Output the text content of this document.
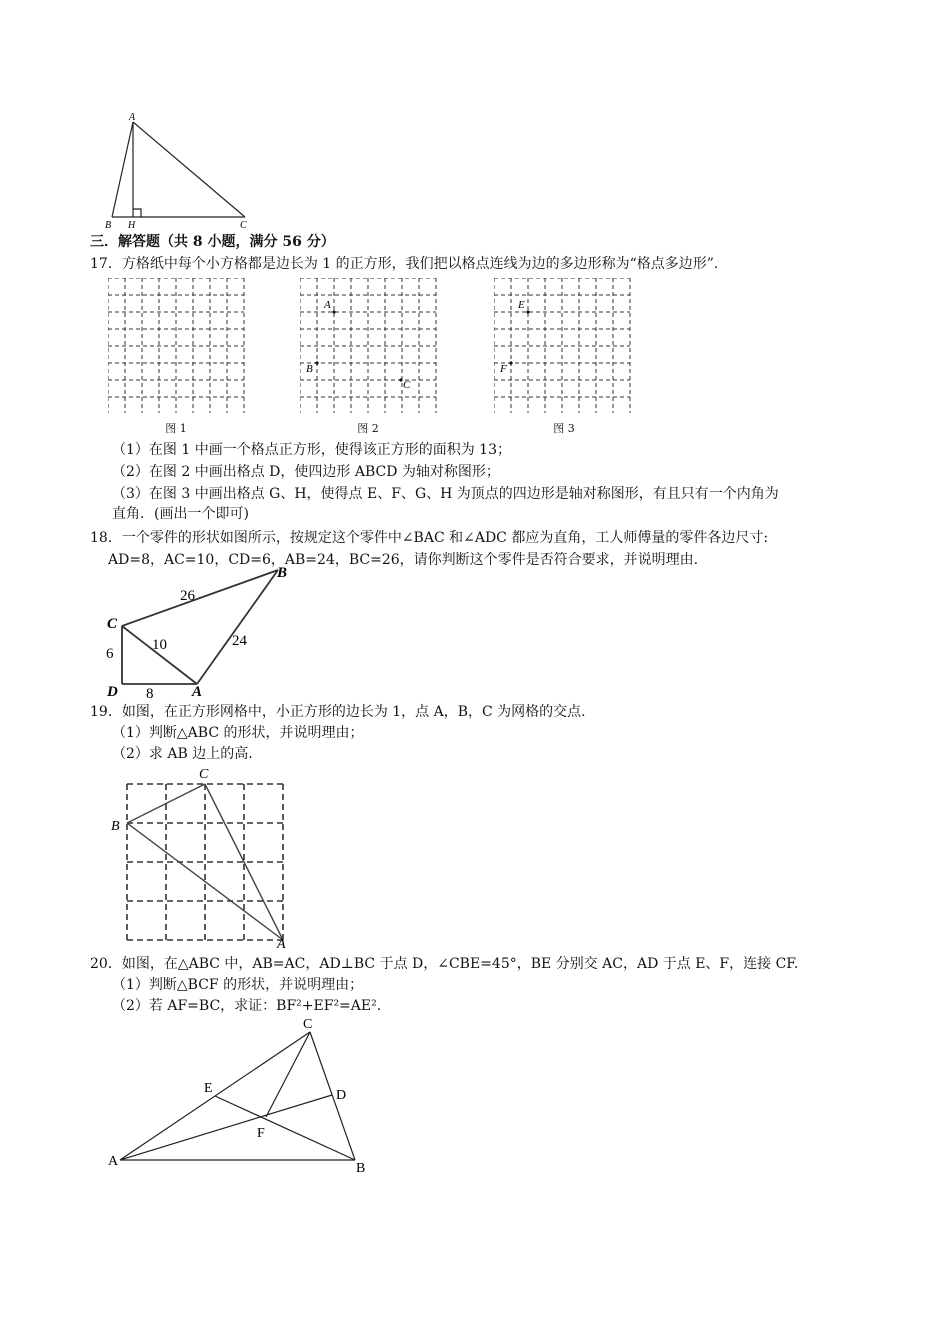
A
B H	C
三．解答题（共 8 小题，满分 56 分）
17．方格纸中每个小方格都是边长为 1 的正方形，我们把以格点连线为边的多边形称为“格点多边形”.
A
B
C
E
F
图 1	图 2	图 3
（1）在图 1 中画一个格点正方形，使得该正方形的面积为 13；
（2）在图 2 中画出格点 D，使四边形 ABCD 为轴对称图形；
（3）在图 3 中画出格点 G、H，使得点 E、F、G、H 为顶点的四边形是轴对称图形，有且只有一个内角为
直角．(画出一个即可)
18．一个零件的形状如图所示，按规定这个零件中∠BAC 和∠ADC 都应为直角，工人师傅量的零件各边尺寸:
AD=8，AC=10，CD=6，AB=24，BC=26，请你判断这个零件是否符合要求，并说明理由.
B
C
D	A
26
10	24
6
8
19．如图，在正方形网格中，小正方形的边长为 1，点 A，B，C 为网格的交点.
（1）判断△ABC 的形状，并说明理由；
（2）求 AB 边上的高.
C
B
A
20．如图，在△ABC 中，AB=AC，AD⊥BC 于点 D，∠CBE=45°，BE 分别交 AC，AD 于点 E、F，连接 CF.
（1）判断△BCF 的形状，并说明理由；
（2）若 AF=BC，求证：BF²+EF²=AE².
C
E	D
F
A	B
